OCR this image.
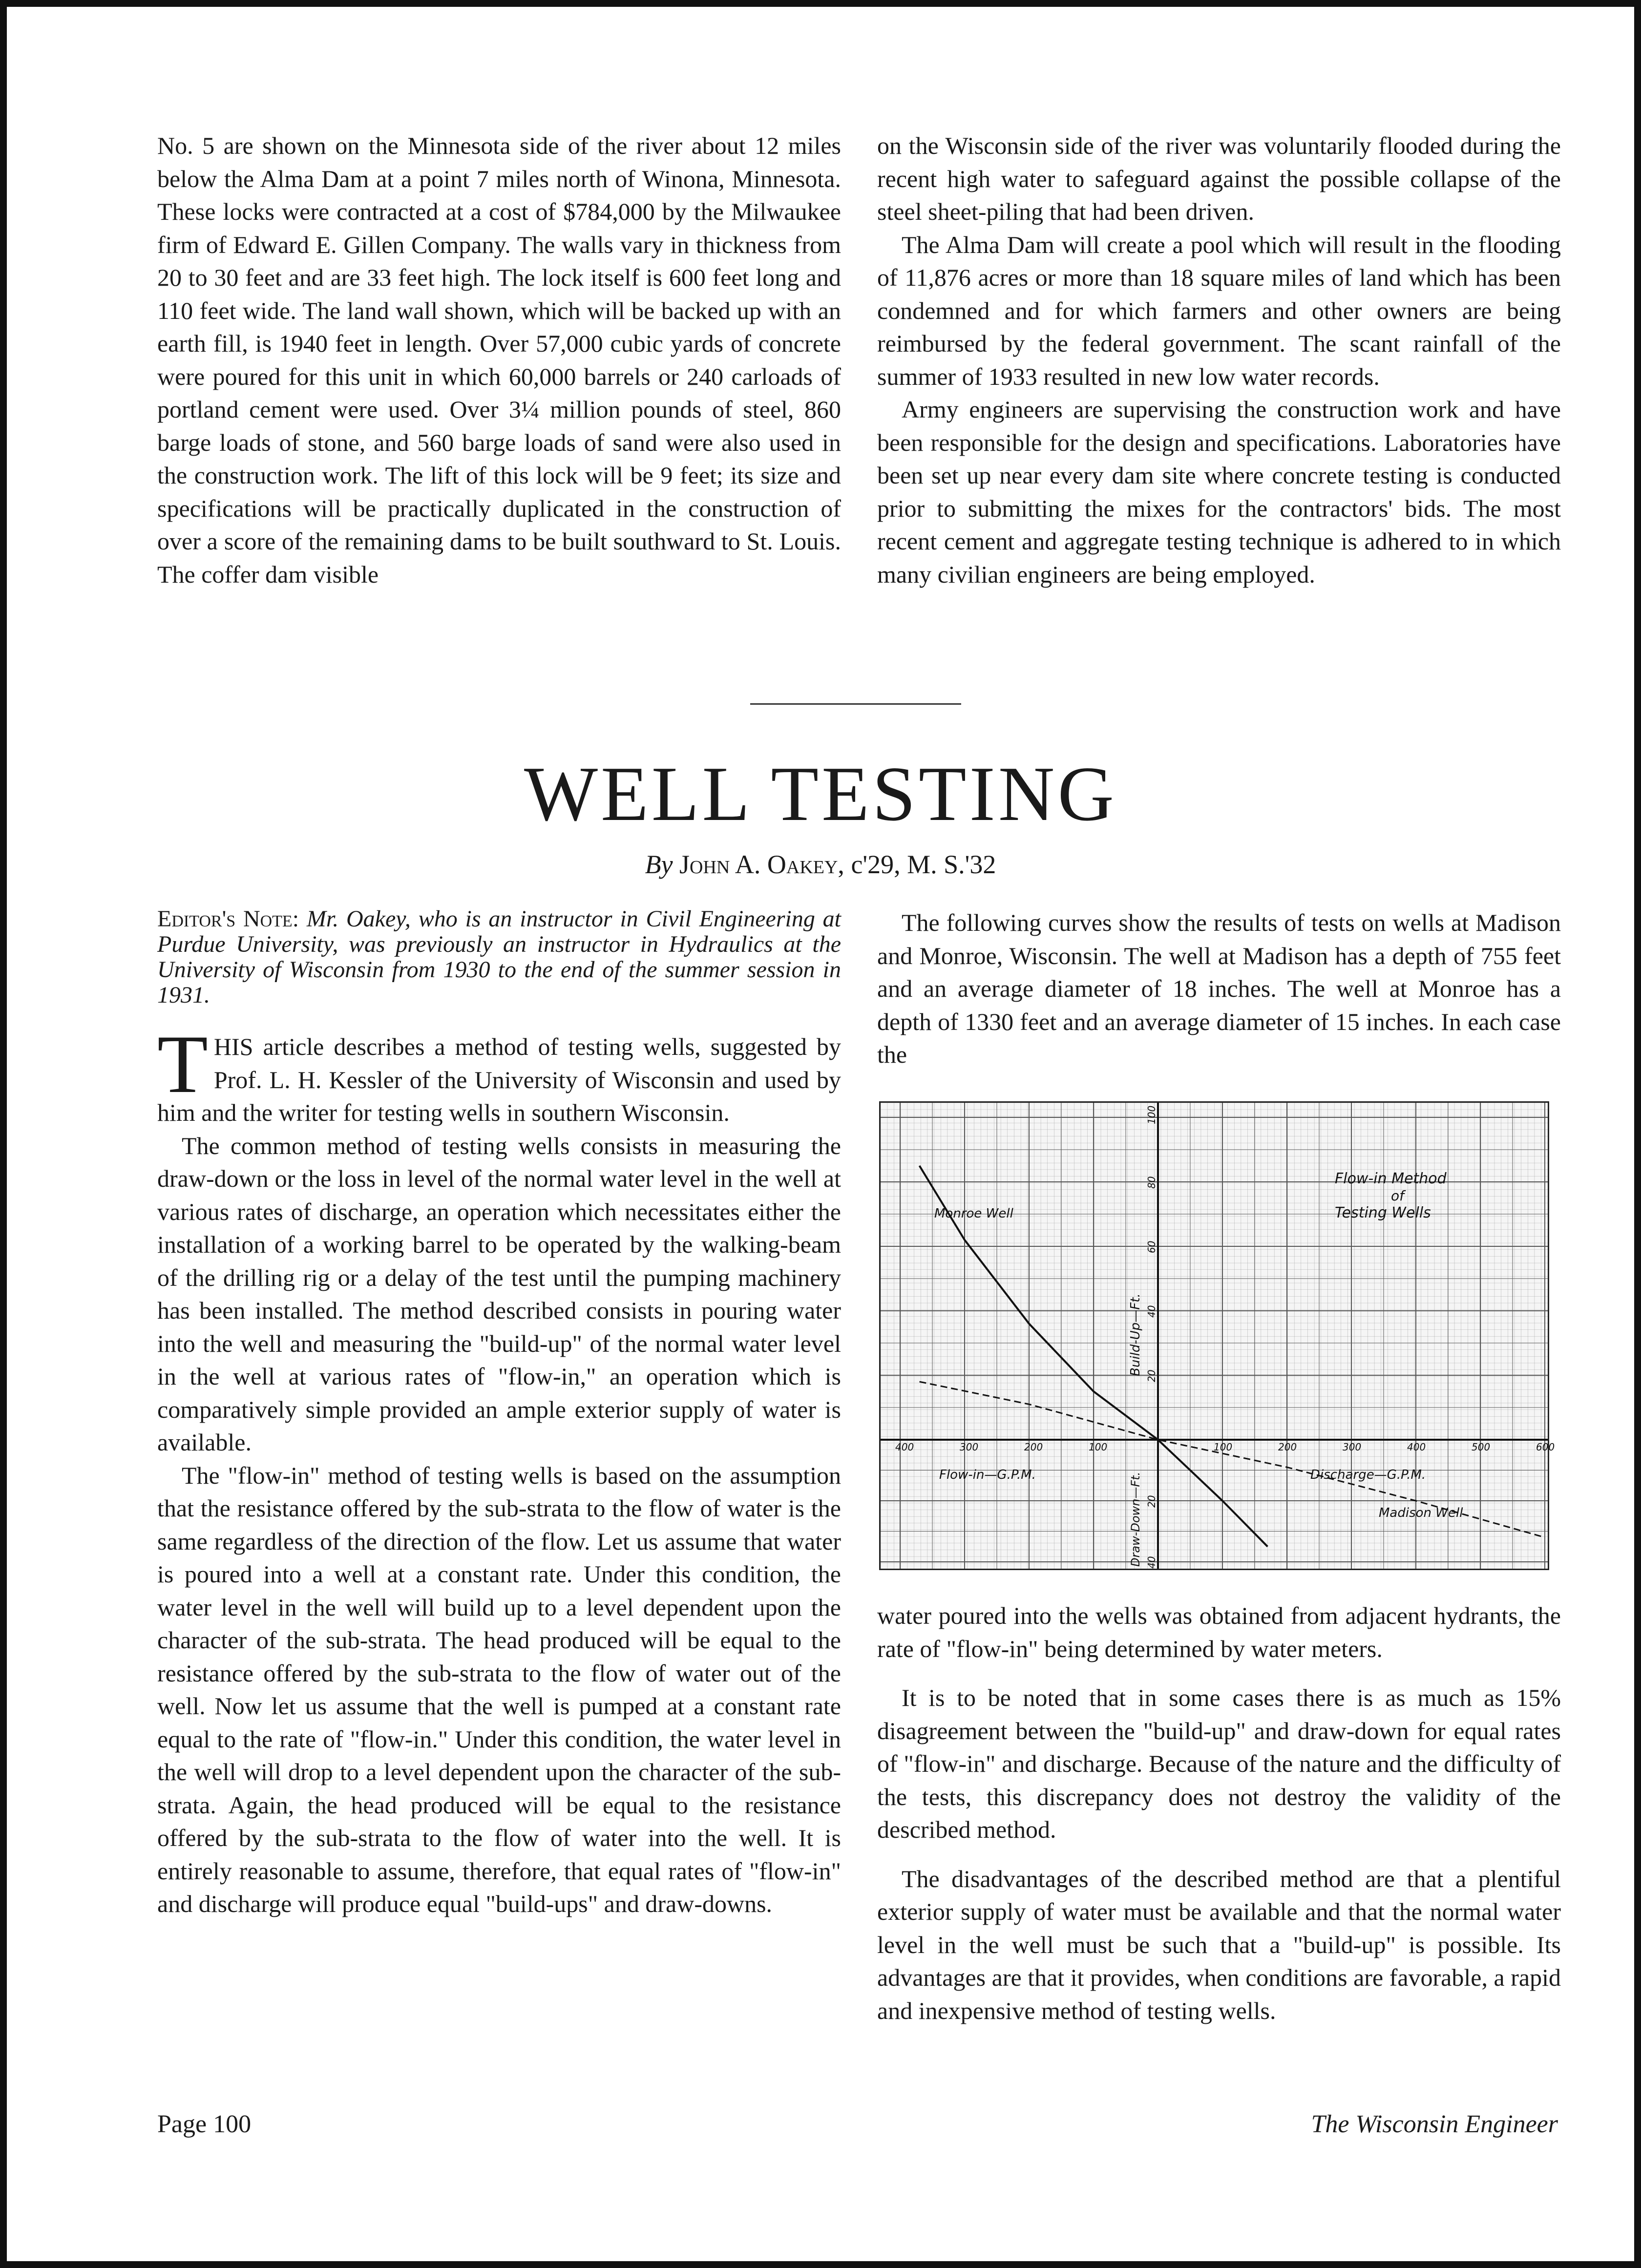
No. 5 are shown on the Minnesota side of the river about 12 miles below the Alma Dam at a point 7 miles north of Winona, Minnesota. These locks were contracted at a cost of $784,000 by the Milwaukee firm of Edward E. Gillen Company. The walls vary in thickness from 20 to 30 feet and are 33 feet high. The lock itself is 600 feet long and 110 feet wide. The land wall shown, which will be backed up with an earth fill, is 1940 feet in length. Over 57,000 cubic yards of concrete were poured for this unit in which 60,000 barrels or 240 carloads of portland cement were used. Over 3¼ million pounds of steel, 860 barge loads of stone, and 560 barge loads of sand were also used in the construction work. The lift of this lock will be 9 feet; its size and specifications will be practically duplicated in the construction of over a score of the remaining dams to be built southward to St. Louis. The coffer dam visible

on the Wisconsin side of the river was voluntarily flooded during the recent high water to safeguard against the possible collapse of the steel sheet-piling that had been driven.

The Alma Dam will create a pool which will result in the flooding of 11,876 acres or more than 18 square miles of land which has been condemned and for which farmers and other owners are being reimbursed by the federal government. The scant rainfall of the summer of 1933 resulted in new low water records.

Army engineers are supervising the construction work and have been responsible for the design and specifications. Laboratories have been set up near every dam site where concrete testing is conducted prior to submitting the mixes for the contractors' bids. The most recent cement and aggregate testing technique is adhered to in which many civilian engineers are being employed.

WELL TESTING
By John A. Oakey, c'29, M. S.'32
Editor's Note: Mr. Oakey, who is an instructor in Civil Engineering at Purdue University, was previously an instructor in Hydraulics at the University of Wisconsin from 1930 to the end of the summer session in 1931.

T HIS article describes a method of testing wells, suggested by Prof. L. H. Kessler of the University of Wisconsin and used by him and the writer for testing wells in southern Wisconsin.

The common method of testing wells consists in measuring the draw-down or the loss in level of the normal water level in the well at various rates of discharge, an operation which necessitates either the installation of a working barrel to be operated by the walking-beam of the drilling rig or a delay of the test until the pumping machinery has been installed. The method described consists in pouring water into the well and measuring the "build-up" of the normal water level in the well at various rates of "flow-in," an operation which is comparatively simple provided an ample exterior supply of water is available.

The "flow-in" method of testing wells is based on the assumption that the resistance offered by the sub-strata to the flow of water is the same regardless of the direction of the flow. Let us assume that water is poured into a well at a constant rate. Under this condition, the water level in the well will build up to a level dependent upon the character of the sub-strata. The head produced will be equal to the resistance offered by the sub-strata to the flow of water out of the well. Now let us assume that the well is pumped at a constant rate equal to the rate of "flow-in." Under this condition, the water level in the well will drop to a level dependent upon the character of the sub-strata. Again, the head produced will be equal to the resistance offered by the sub-strata to the flow of water into the well. It is entirely reasonable to assume, therefore, that equal rates of "flow-in" and discharge will produce equal "build-ups" and draw-downs.

The following curves show the results of tests on wells at Madison and Monroe, Wisconsin. The well at Madison has a depth of 755 feet and an average diameter of 18 inches. The well at Monroe has a depth of 1330 feet and an average diameter of 15 inches. In each case the

400	300	200	100	100	200	300	400	500	600
20
40
60
80
100
20
40
Flow-in Method
of
Testing Wells
Monroe Well
Madison Well
Flow-in—G.P.M.	Discharge—G.P.M.
Build-Up—Ft.
Draw-Down—Ft.

water poured into the wells was obtained from adjacent hydrants, the rate of "flow-in" being determined by water meters.

It is to be noted that in some cases there is as much as 15% disagreement between the "build-up" and draw-down for equal rates of "flow-in" and discharge. Because of the nature and the difficulty of the tests, this discrepancy does not destroy the validity of the described method.

The disadvantages of the described method are that a plentiful exterior supply of water must be available and that the normal water level in the well must be such that a "build-up" is possible. Its advantages are that it provides, when conditions are favorable, a rapid and inexpensive method of testing wells.

Page 100	The Wisconsin Engineer
